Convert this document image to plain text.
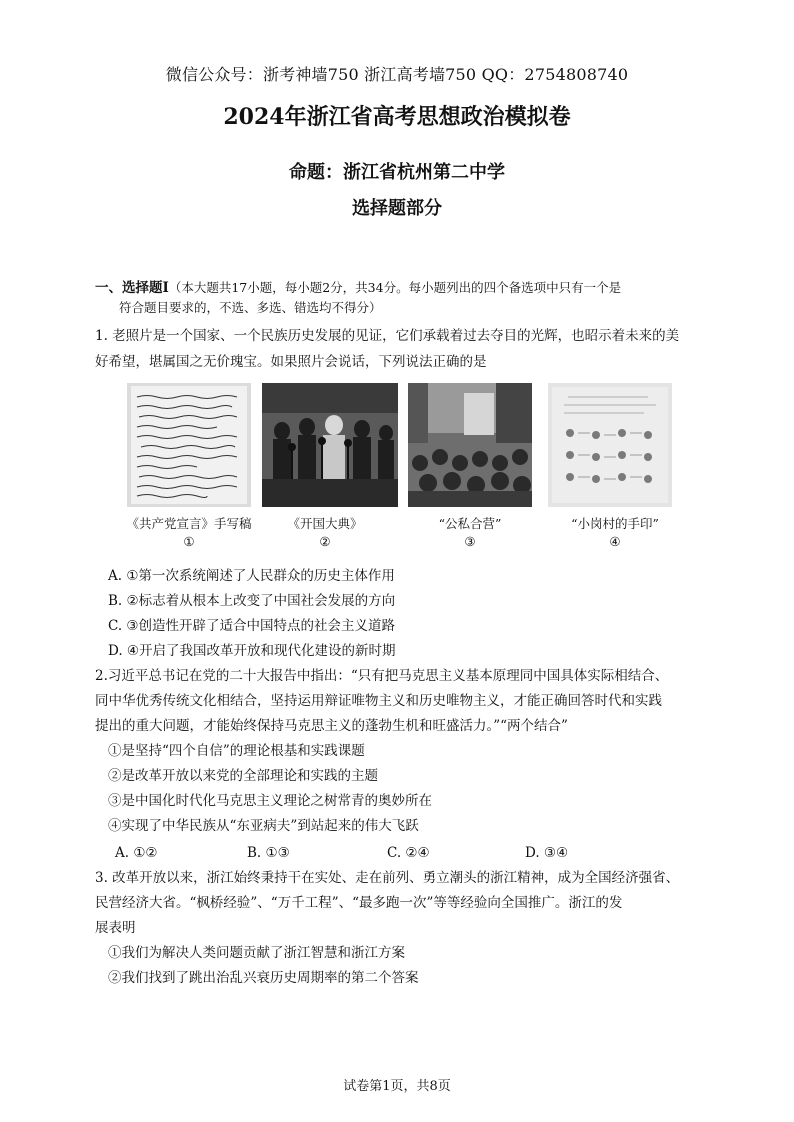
微信公众号：浙考神墙750 浙江高考墙750 QQ：2754808740
2024年浙江省高考思想政治模拟卷
命题：浙江省杭州第二中学
选择题部分
一、选择题Ⅰ（本大题共17小题，每小题2分，共34分。每小题列出的四个备选项中只有一个是
符合题目要求的，不选、多选、错选均不得分）
1. 老照片是一个国家、一个民族历史发展的见证，它们承载着过去夺目的光辉，也昭示着未来的美
好希望，堪属国之无价瑰宝。如果照片会说话，下列说法正确的是
《共产党宣言》手写稿
①
《开国大典》
②
“公私合营”
③
“小岗村的手印”
④
A. ①第一次系统阐述了人民群众的历史主体作用
B. ②标志着从根本上改变了中国社会发展的方向
C. ③创造性开辟了适合中国特点的社会主义道路
D. ④开启了我国改革开放和现代化建设的新时期
2.习近平总书记在党的二十大报告中指出：“只有把马克思主义基本原理同中国具体实际相结合、
同中华优秀传统文化相结合，坚持运用辩证唯物主义和历史唯物主义，才能正确回答时代和实践
提出的重大问题，才能始终保持马克思主义的蓬勃生机和旺盛活力。”“两个结合”
①是坚持“四个自信”的理论根基和实践课题
②是改革开放以来党的全部理论和实践的主题
③是中国化时代化马克思主义理论之树常青的奥妙所在
④实现了中华民族从“东亚病夫”到站起来的伟大飞跃
A. ①②	B. ①③	C. ②④	D. ③④
3. 改革开放以来，浙江始终秉持干在实处、走在前列、勇立潮头的浙江精神，成为全国经济强省、
民营经济大省。“枫桥经验”、“万千工程”、“最多跑一次”等等经验向全国推广。浙江的发
展表明
①我们为解决人类问题贡献了浙江智慧和浙江方案
②我们找到了跳出治乱兴衰历史周期率的第二个答案
试卷第1页，共8页
